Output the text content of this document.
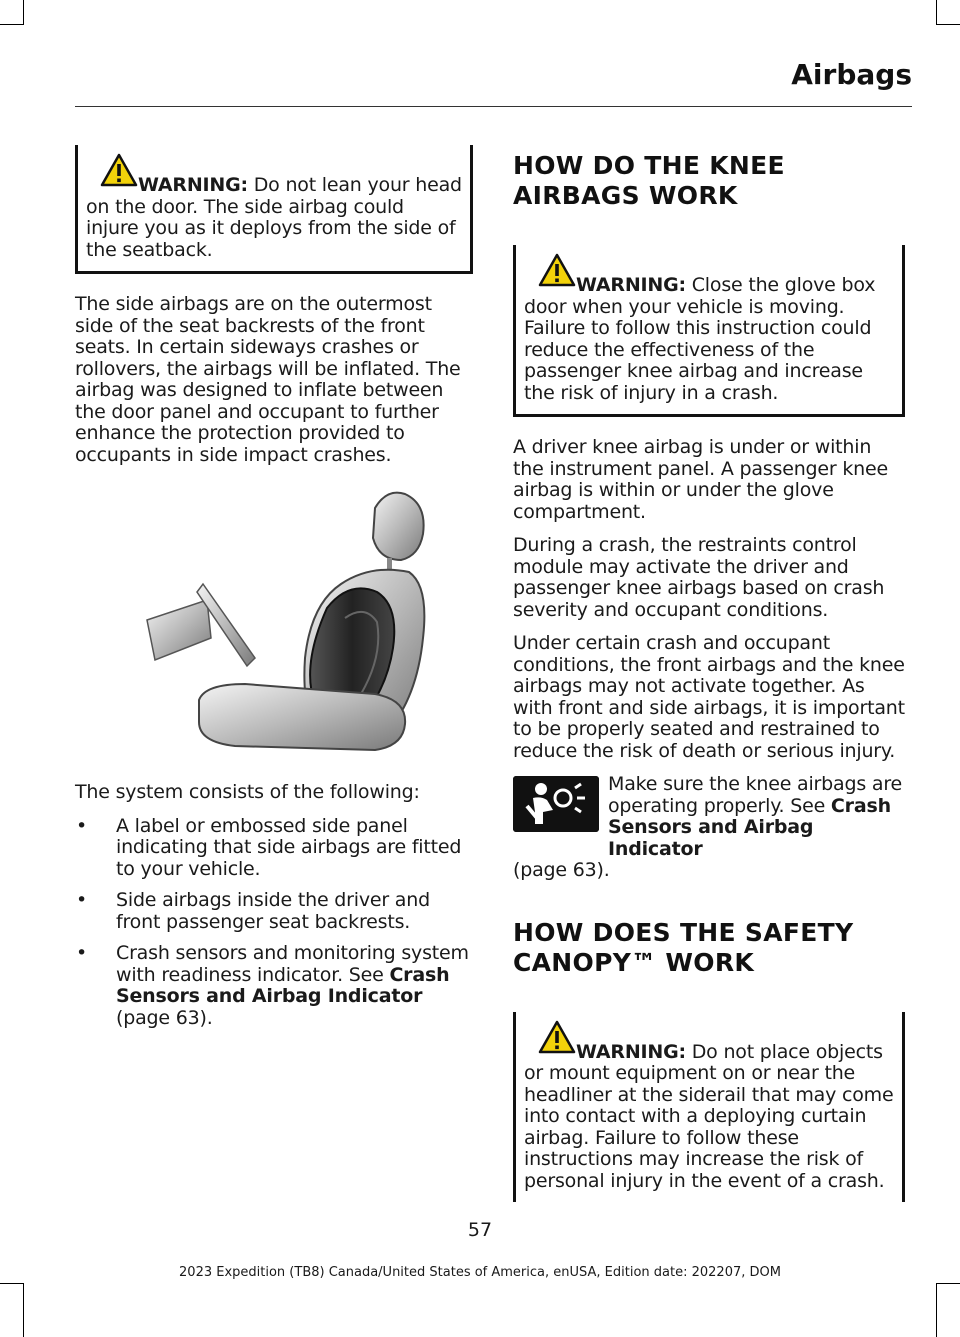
Airbags

WARNING: Do not lean your head on the door. The side airbag could injure you as it deploys from the side of the seatback.

The side airbags are on the outermost side of the seat backrests of the front seats. In certain sideways crashes or rollovers, the airbags will be inflated. The airbag was designed to inflate between the door panel and occupant to further enhance the protection provided to occupants in side impact crashes.

The system consists of the following:

• A label or embossed side panel indicating that side airbags are fitted to your vehicle.
• Side airbags inside the driver and front passenger seat backrests.
• Crash sensors and monitoring system with readiness indicator. See Crash Sensors and Airbag Indicator (page 63).
HOW DO THE KNEE AIRBAGS WORK

WARNING: Close the glove box door when your vehicle is moving. Failure to follow this instruction could reduce the effectiveness of the passenger knee airbag and increase the risk of injury in a crash.

A driver knee airbag is under or within the instrument panel. A passenger knee airbag is within or under the glove compartment.

During a crash, the restraints control module may activate the driver and passenger knee airbags based on crash severity and occupant conditions.

Under certain crash and occupant conditions, the front airbags and the knee airbags may not activate together. As with front and side airbags, it is important to be properly seated and restrained to reduce the risk of death or serious injury.

Make sure the knee airbags are operating properly. See Crash Sensors and Airbag Indicator

(page 63).

HOW DOES THE SAFETY CANOPY™ WORK

WARNING: Do not place objects or mount equipment on or near the headliner at the siderail that may come into contact with a deploying curtain airbag. Failure to follow these instructions may increase the risk of personal injury in the event of a crash.

57
2023 Expedition (TB8) Canada/United States of America, enUSA, Edition date: 202207, DOM
